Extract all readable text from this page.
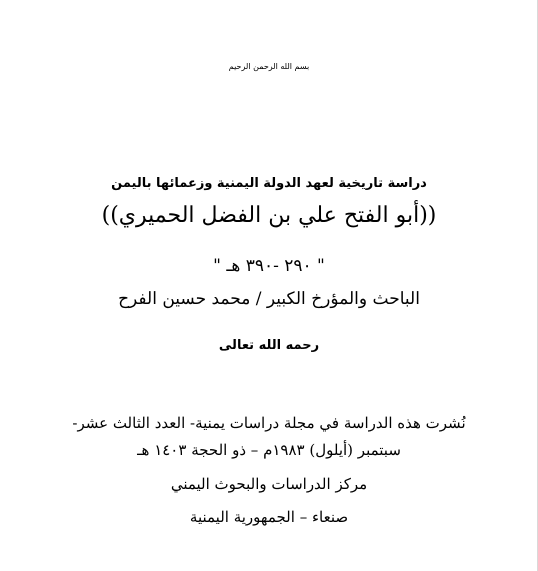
بسم الله الرحمن الرحيم
دراسة تاريخية لعهد الدولة اليمنية وزعمائها باليمن
((أبو الفتح علي بن الفضل الحميري))
" ٢٩٠ -٣٩٠ هـ "
الباحث والمؤرخ الكبير / محمد حسين الفرح
رحمه الله تعالى
نُشرت هذه الدراسة في مجلة دراسات يمنية- العدد الثالث عشر-
سبتمبر (أيلول) ١٩٨٣م – ذو الحجة ١٤٠٣ هـ
مركز الدراسات والبحوث اليمني
صنعاء – الجمهورية اليمنية
